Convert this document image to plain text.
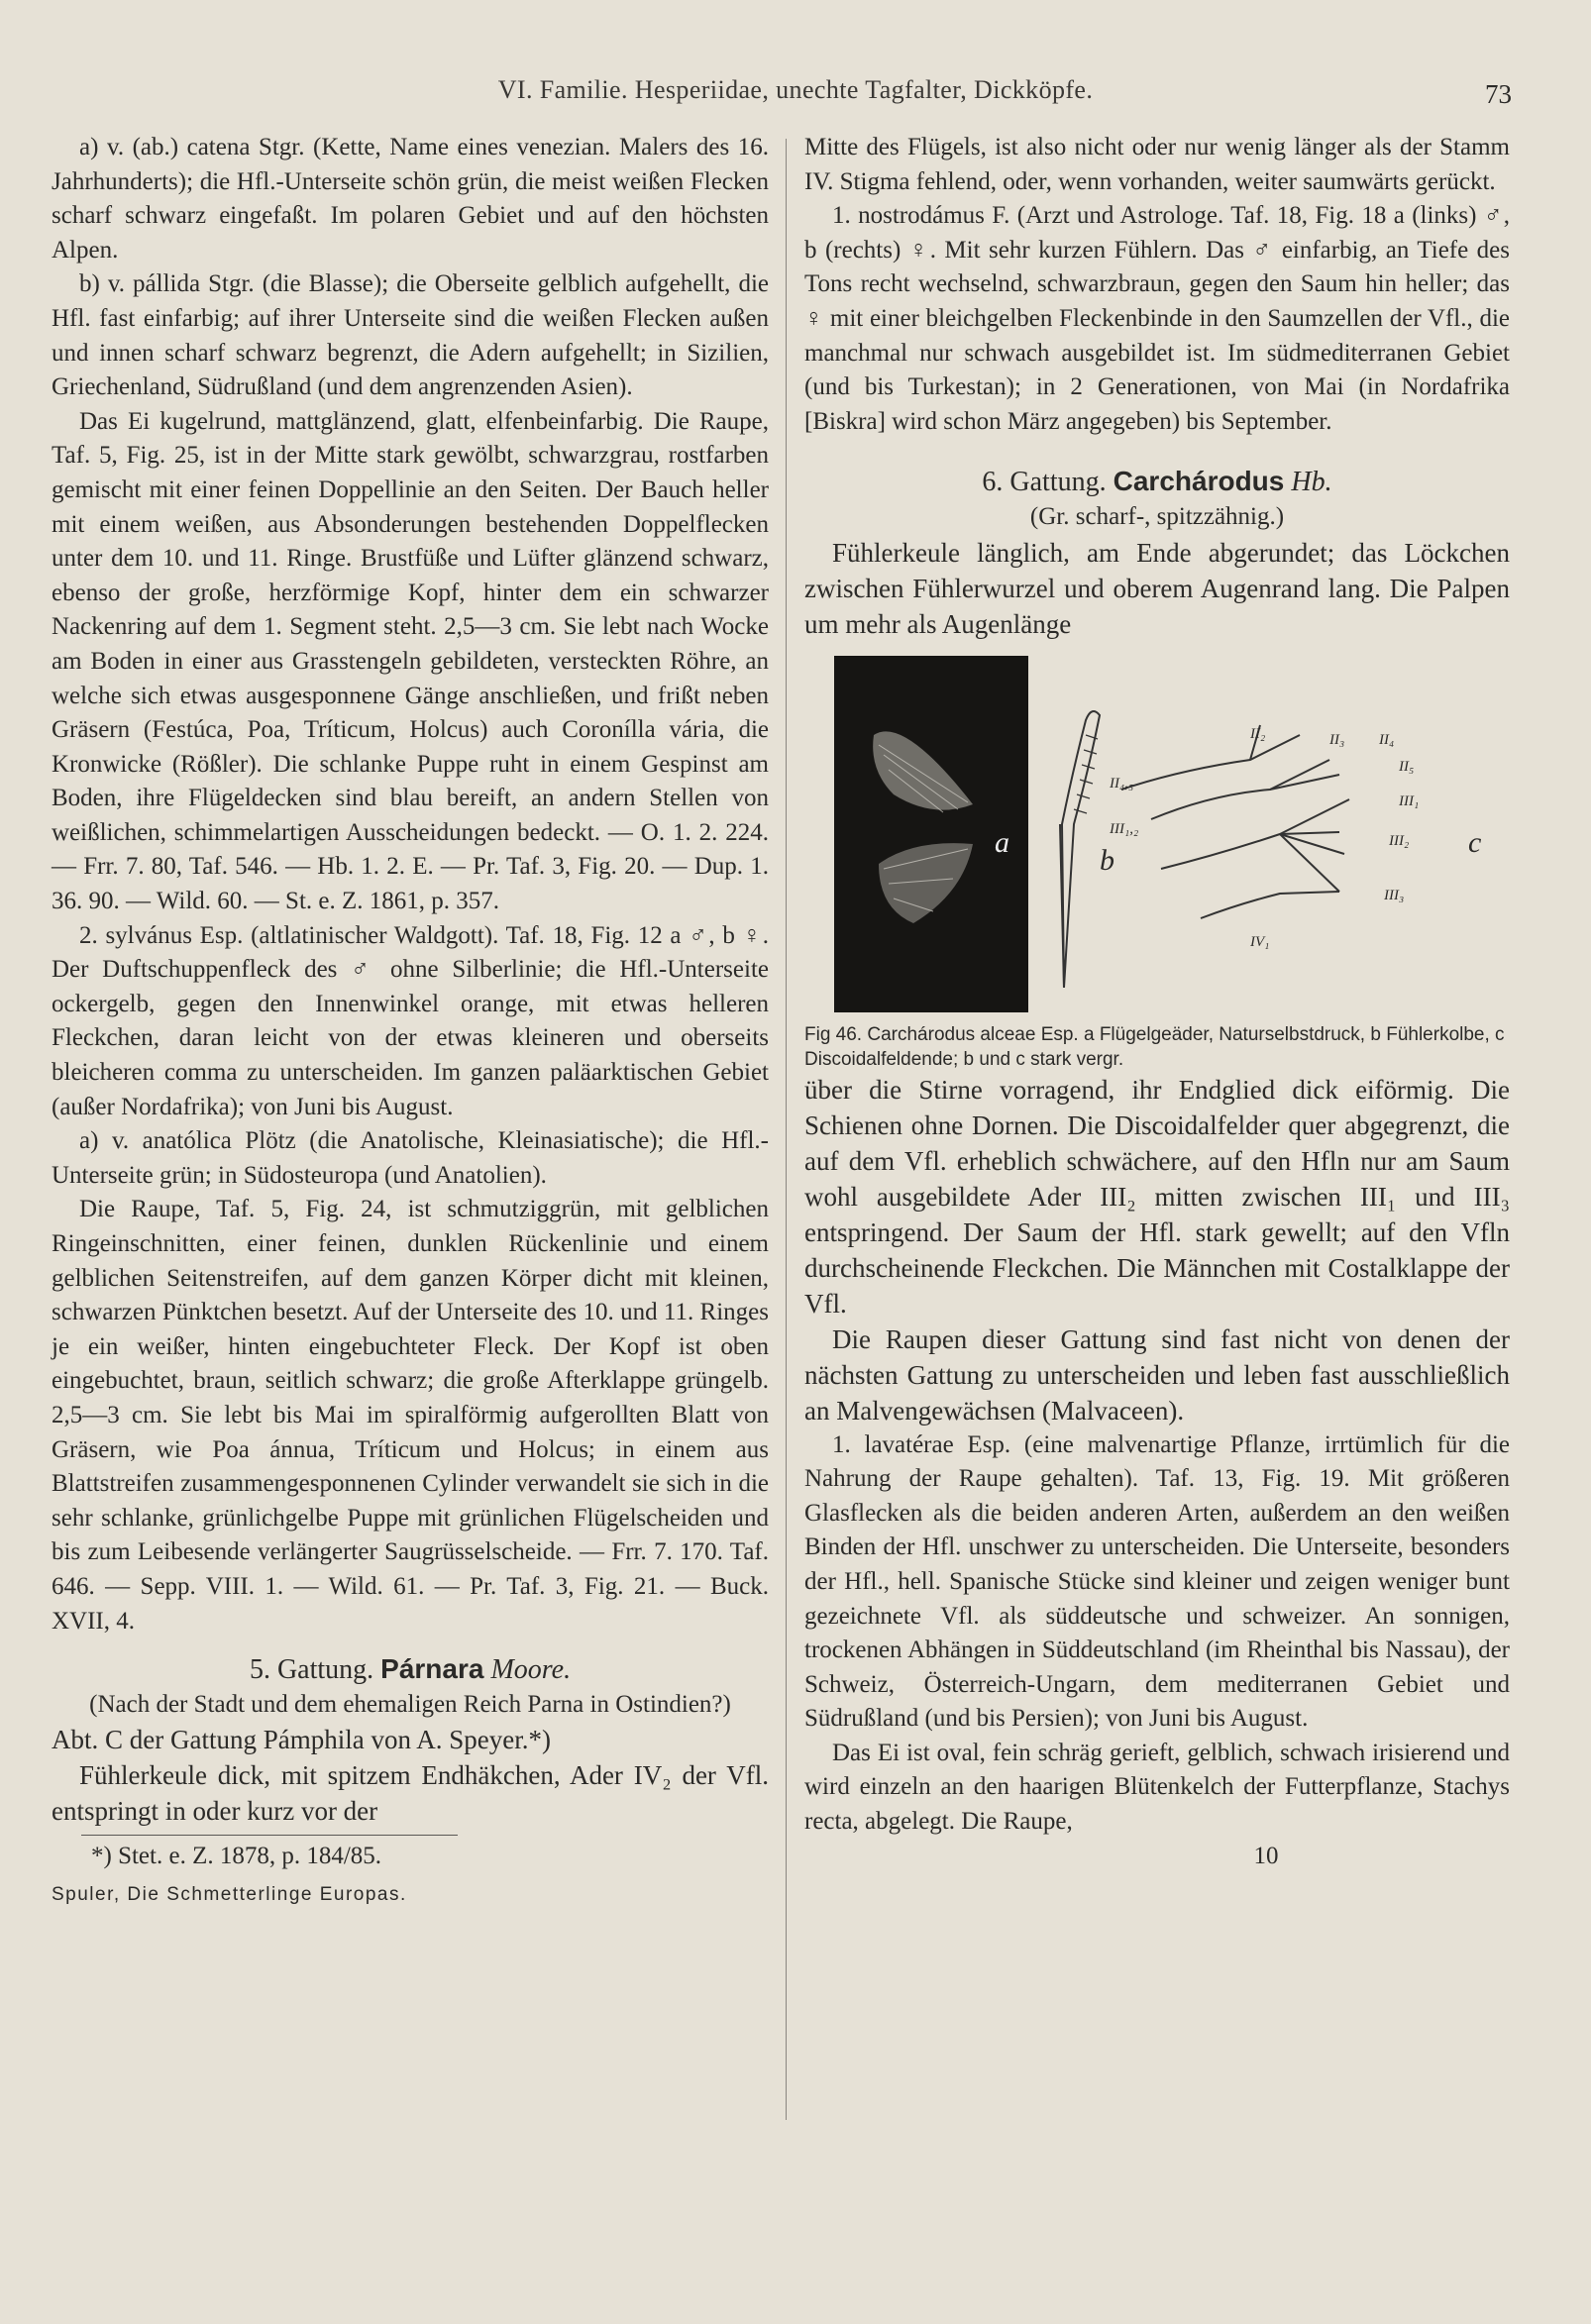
VI. Familie. Hesperiidae, unechte Tagfalter, Dickköpfe.	73

a) v. (ab.) catena Stgr. (Kette, Name eines venezian. Malers des 16. Jahrhunderts); die Hfl.-Unterseite schön grün, die meist weißen Flecken scharf schwarz eingefaßt. Im polaren Gebiet und auf den höchsten Alpen.

b) v. pállida Stgr. (die Blasse); die Oberseite gelblich aufgehellt, die Hfl. fast einfarbig; auf ihrer Unterseite sind die weißen Flecken außen und innen scharf schwarz begrenzt, die Adern aufgehellt; in Sizilien, Griechenland, Südrußland (und dem angrenzenden Asien).

Das Ei kugelrund, mattglänzend, glatt, elfenbeinfarbig. Die Raupe, Taf. 5, Fig. 25, ist in der Mitte stark gewölbt, schwarzgrau, rostfarben gemischt mit einer feinen Doppellinie an den Seiten. Der Bauch heller mit einem weißen, aus Absonderungen bestehenden Doppelflecken unter dem 10. und 11. Ringe. Brustfüße und Lüfter glänzend schwarz, ebenso der große, herzförmige Kopf, hinter dem ein schwarzer Nackenring auf dem 1. Segment steht. 2,5—3 cm. Sie lebt nach Wocke am Boden in einer aus Grasstengeln gebildeten, versteckten Röhre, an welche sich etwas ausgesponnene Gänge anschließen, und frißt neben Gräsern (Festúca, Poa, Tríticum, Holcus) auch Coronílla vária, die Kronwicke (Rößler). Die schlanke Puppe ruht in einem Gespinst am Boden, ihre Flügeldecken sind blau bereift, an andern Stellen von weißlichen, schimmelartigen Ausscheidungen bedeckt. — O. 1. 2. 224. — Frr. 7. 80, Taf. 546. — Hb. 1. 2. E. — Pr. Taf. 3, Fig. 20. — Dup. 1. 36. 90. — Wild. 60. — St. e. Z. 1861, p. 357.

2. sylvánus Esp. (altlatinischer Waldgott). Taf. 18, Fig. 12 a ♂, b ♀. Der Duftschuppenfleck des ♂ ohne Silberlinie; die Hfl.-Unterseite ockergelb, gegen den Innenwinkel orange, mit etwas helleren Fleckchen, daran leicht von der etwas kleineren und oberseits bleicheren comma zu unterscheiden. Im ganzen paläarktischen Gebiet (außer Nordafrika); von Juni bis August.

a) v. anatólica Plötz (die Anatolische, Kleinasiatische); die Hfl.-Unterseite grün; in Südosteuropa (und Anatolien).

Die Raupe, Taf. 5, Fig. 24, ist schmutziggrün, mit gelblichen Ringeinschnitten, einer feinen, dunklen Rückenlinie und einem gelblichen Seitenstreifen, auf dem ganzen Körper dicht mit kleinen, schwarzen Pünktchen besetzt. Auf der Unterseite des 10. und 11. Ringes je ein weißer, hinten eingebuchteter Fleck. Der Kopf ist oben eingebuchtet, braun, seitlich schwarz; die große Afterklappe grüngelb. 2,5—3 cm. Sie lebt bis Mai im spiralförmig aufgerollten Blatt von Gräsern, wie Poa ánnua, Tríticum und Holcus; in einem aus Blattstreifen zusammengesponnenen Cylinder verwandelt sie sich in die sehr schlanke, grünlichgelbe Puppe mit grünlichen Flügelscheiden und bis zum Leibesende verlängerter Saugrüsselscheide. — Frr. 7. 170. Taf. 646. — Sepp. VIII. 1. — Wild. 61. — Pr. Taf. 3, Fig. 21. — Buck. XVII, 4.

5. Gattung. Párnara Moore.

(Nach der Stadt und dem ehemaligen Reich Parna in Ostindien?)

Abt. C der Gattung Pámphila von A. Speyer.*)

Fühlerkeule dick, mit spitzem Endhäkchen, Ader IV₂ der Vfl. entspringt in oder kurz vor der

*) Stet. e. Z. 1878, p. 184/85.

Spuler, Die Schmetterlinge Europas.

Mitte des Flügels, ist also nicht oder nur wenig länger als der Stamm IV. Stigma fehlend, oder, wenn vorhanden, weiter saumwärts gerückt.

1. nostrodámus F. (Arzt und Astrologe. Taf. 18, Fig. 18 a (links) ♂, b (rechts) ♀. Mit sehr kurzen Fühlern. Das ♂ einfarbig, an Tiefe des Tons recht wechselnd, schwarzbraun, gegen den Saum hin heller; das ♀ mit einer bleichgelben Fleckenbinde in den Saumzellen der Vfl., die manchmal nur schwach ausgebildet ist. Im südmediterranen Gebiet (und bis Turkestan); in 2 Generationen, von Mai (in Nordafrika [Biskra] wird schon März angegeben) bis September.

6. Gattung. Carchárodus Hb.

(Gr. scharf-, spitzzähnig.)

Fühlerkeule länglich, am Ende abgerundet; das Löckchen zwischen Fühlerwurzel und oberem Augenrand lang. Die Palpen um mehr als Augenlänge

a
b
c
II₂	II₃ II₄
II₅
III₁
II₄,₅
III₁,₂
III₂
III₃
IV₁

Fig 46. Carchárodus alceae Esp. a Flügelgeäder, Naturselbstdruck, b Fühlerkolbe, c Discoidalfeldende; b und c stark vergr.

über die Stirne vorragend, ihr Endglied dick eiförmig. Die Schienen ohne Dornen. Die Discoidalfelder quer abgegrenzt, die auf dem Vfl. erheblich schwächere, auf den Hfln nur am Saum wohl ausgebildete Ader III₂ mitten zwischen III₁ und III₃ entspringend. Der Saum der Hfl. stark gewellt; auf den Vfln durchscheinende Fleckchen. Die Männchen mit Costalklappe der Vfl.

Die Raupen dieser Gattung sind fast nicht von denen der nächsten Gattung zu unterscheiden und leben fast ausschließlich an Malvengewächsen (Malvaceen).

1. lavatérae Esp. (eine malvenartige Pflanze, irrtümlich für die Nahrung der Raupe gehalten). Taf. 13, Fig. 19. Mit größeren Glasflecken als die beiden anderen Arten, außerdem an den weißen Binden der Hfl. unschwer zu unterscheiden. Die Unterseite, besonders der Hfl., hell. Spanische Stücke sind kleiner und zeigen weniger bunt gezeichnete Vfl. als süddeutsche und schweizer. An sonnigen, trockenen Abhängen in Süddeutschland (im Rheinthal bis Nassau), der Schweiz, Österreich-Ungarn, dem mediterranen Gebiet und Südrußland (und bis Persien); von Juni bis August.

Das Ei ist oval, fein schräg gerieft, gelblich, schwach irisierend und wird einzeln an den haarigen Blütenkelch der Futterpflanze, Stachys recta, abgelegt. Die Raupe,

10
